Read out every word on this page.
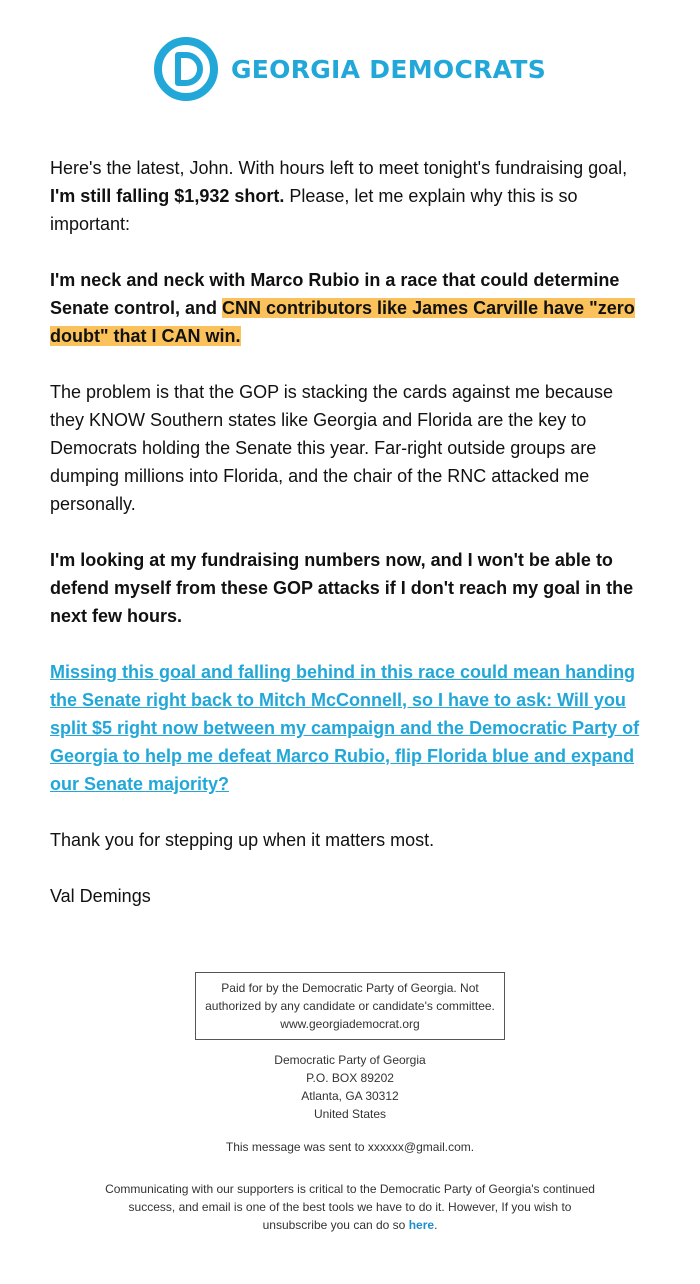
GEORGIA DEMOCRATS

Here's the latest, John. With hours left to meet tonight's fundraising goal,
I'm still falling $1,932 short. Please, let me explain why this is so important:

I'm neck and neck with Marco Rubio in a race that could determine Senate control, and CNN contributors like James Carville have "zero doubt" that I CAN win.

The problem is that the GOP is stacking the cards against me because they KNOW Southern states like Georgia and Florida are the key to Democrats holding the Senate this year. Far-right outside groups are dumping millions into Florida, and the chair of the RNC attacked me personally.

I'm looking at my fundraising numbers now, and I won't be able to defend myself from these GOP attacks if I don't reach my goal in the next few hours.

Missing this goal and falling behind in this race could mean handing the Senate right back to Mitch McConnell, so I have to ask: Will you split $5 right now between my campaign and the Democratic Party of Georgia to help me defeat Marco Rubio, flip Florida blue and expand our Senate majority?

Thank you for stepping up when it matters most.

Val Demings

Paid for by the Democratic Party of Georgia. Not
authorized by any candidate or candidate's committee.
www.georgiademocrat.org
Democratic Party of Georgia
P.O. BOX 89202
Atlanta, GA 30312
United States
This message was sent to xxxxxx@gmail.com.
Communicating with our supporters is critical to the Democratic Party of Georgia's continued success, and email is one of the best tools we have to do it. However, If you wish to unsubscribe you can do so here.
